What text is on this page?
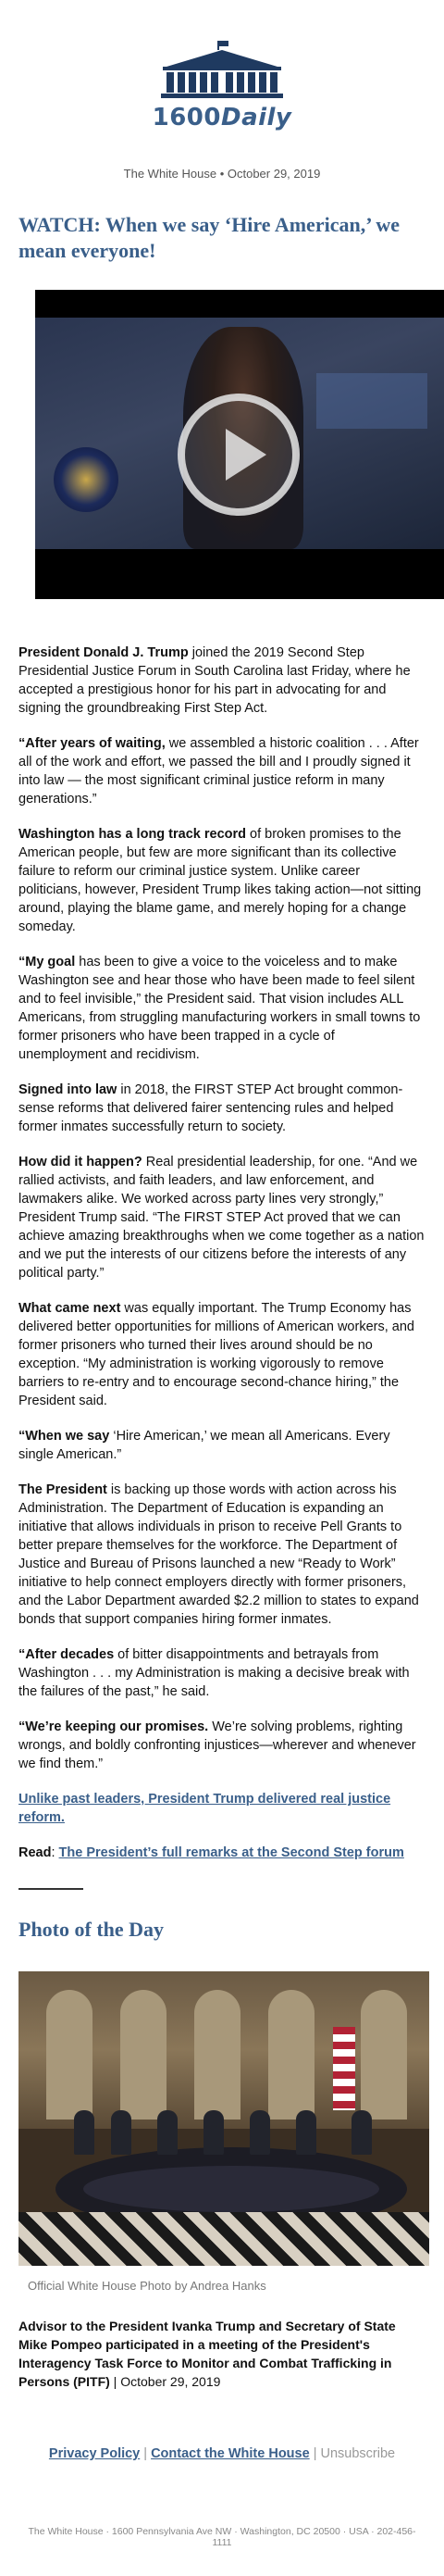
1600Daily
The White House • October 29, 2019
WATCH: When we say ‘Hire American,’ we mean everyone!

President Donald J. Trump joined the 2019 Second Step Presidential Justice Forum in South Carolina last Friday, where he accepted a prestigious honor for his part in advocating for and signing the groundbreaking First Step Act.

“After years of waiting, we assembled a historic coalition . . . After all of the work and effort, we passed the bill and I proudly signed it into law — the most significant criminal justice reform in many generations.”

Washington has a long track record of broken promises to the American people, but few are more significant than its collective failure to reform our criminal justice system. Unlike career politicians, however, President Trump likes taking action—not sitting around, playing the blame game, and merely hoping for a change someday.

“My goal has been to give a voice to the voiceless and to make Washington see and hear those who have been made to feel silent and to feel invisible,” the President said. That vision includes ALL Americans, from struggling manufacturing workers in small towns to former prisoners who have been trapped in a cycle of unemployment and recidivism.

Signed into law in 2018, the FIRST STEP Act brought common-sense reforms that delivered fairer sentencing rules and helped former inmates successfully return to society.

How did it happen? Real presidential leadership, for one. “And we rallied activists, and faith leaders, and law enforcement, and lawmakers alike. We worked across party lines very strongly,” President Trump said. “The FIRST STEP Act proved that we can achieve amazing breakthroughs when we come together as a nation and we put the interests of our citizens before the interests of any political party.”

What came next was equally important. The Trump Economy has delivered better opportunities for millions of American workers, and former prisoners who turned their lives around should be no exception. “My administration is working vigorously to remove barriers to re-entry and to encourage second-chance hiring,” the President said.

“When we say ‘Hire American,’ we mean all Americans. Every single American.”

The President is backing up those words with action across his Administration. The Department of Education is expanding an initiative that allows individuals in prison to receive Pell Grants to better prepare themselves for the workforce. The Department of Justice and Bureau of Prisons launched a new “Ready to Work” initiative to help connect employers directly with former prisoners, and the Labor Department awarded $2.2 million to states to expand bonds that support companies hiring former inmates.

“After decades of bitter disappointments and betrayals from Washington . . . my Administration is making a decisive break with the failures of the past,” he said.

“We’re keeping our promises. We’re solving problems, righting wrongs, and boldly confronting injustices—wherever and whenever we find them.”

Unlike past leaders, President Trump delivered real justice reform.

Read: The President’s full remarks at the Second Step forum

Photo of the Day
Official White House Photo by Andrea Hanks

Advisor to the President Ivanka Trump and Secretary of State Mike Pompeo participated in a meeting of the President's Interagency Task Force to Monitor and Combat Trafficking in Persons (PITF) | October 29, 2019

Privacy Policy | Contact the White House | Unsubscribe
The White House · 1600 Pennsylvania Ave NW · Washington, DC 20500 · USA · 202-456-1111
